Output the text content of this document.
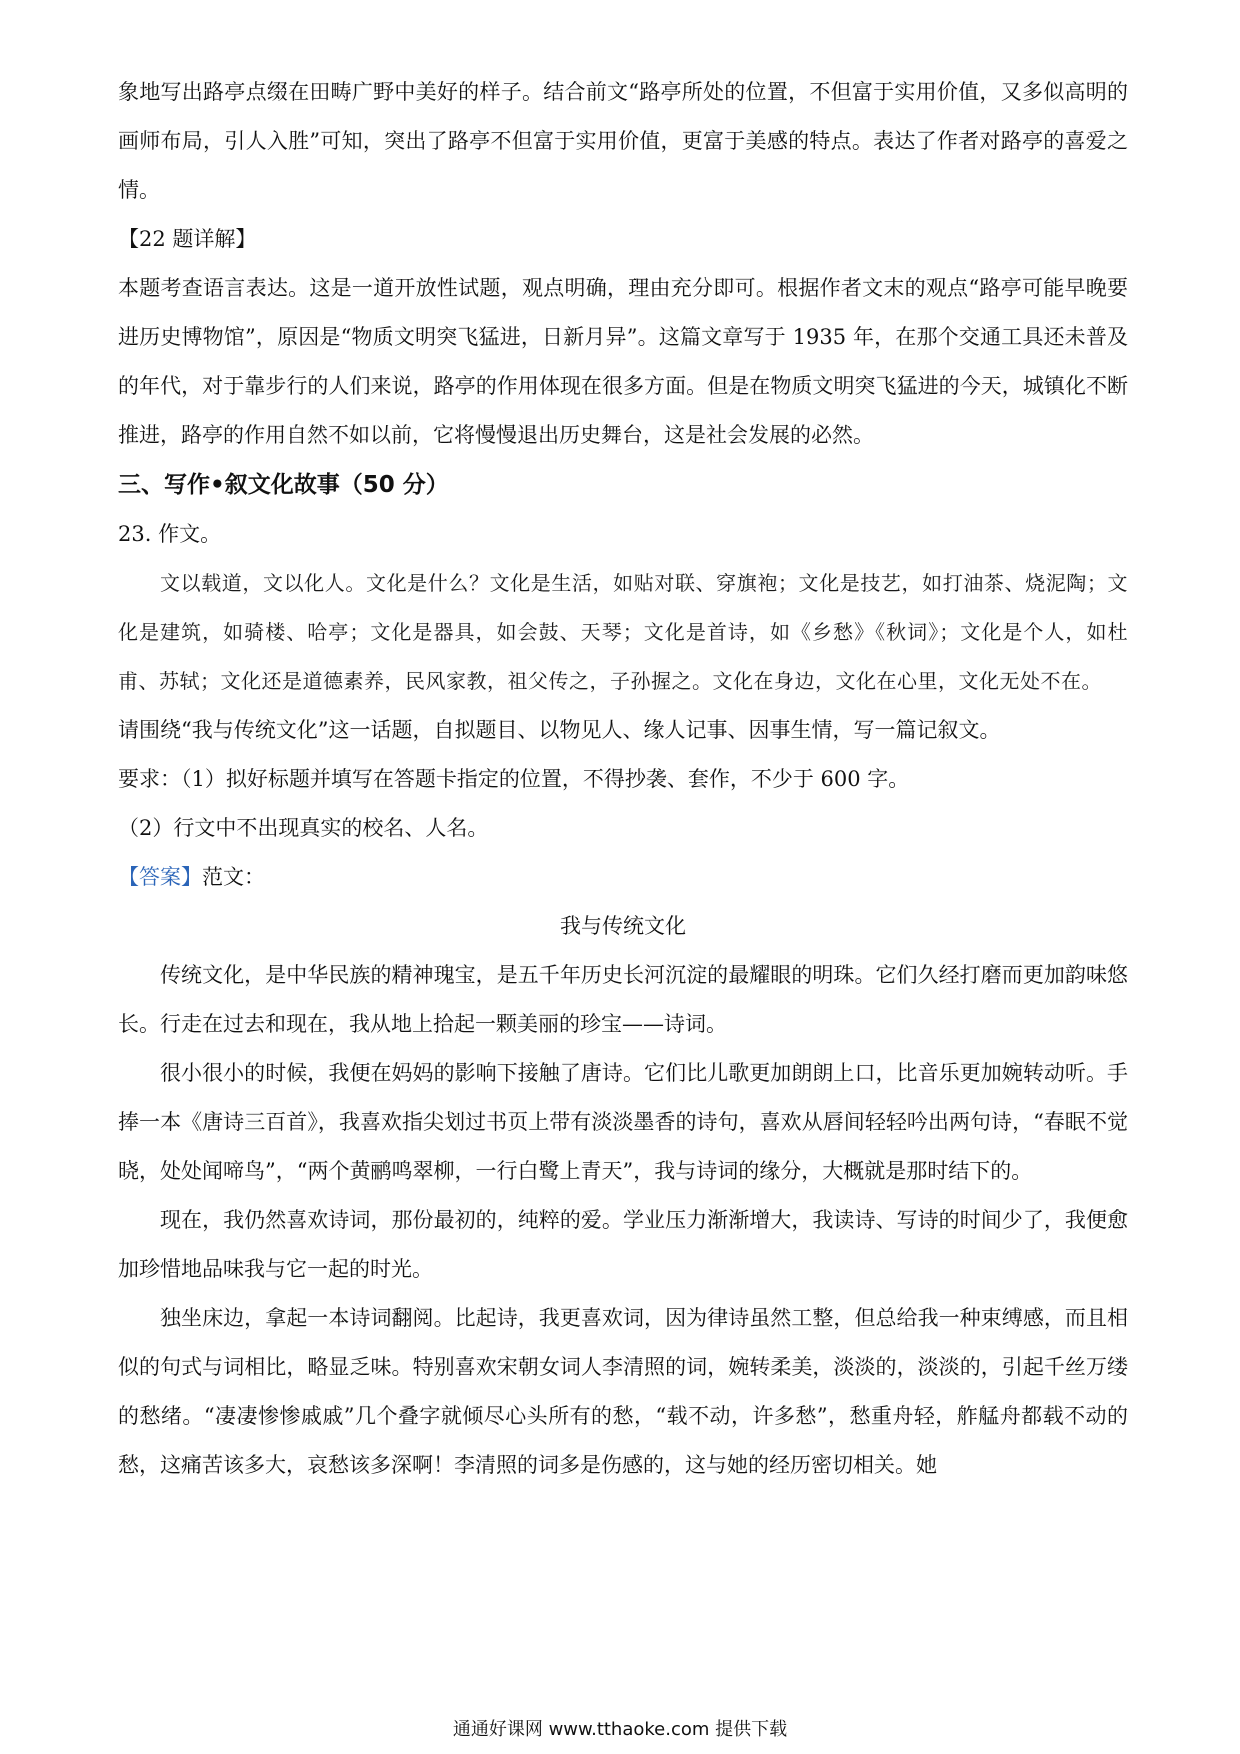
象地写出路亭点缀在田畴广野中美好的样子。结合前文“路亭所处的位置，不但富于实用价值，又多似高明的画师布局，引人入胜”可知，突出了路亭不但富于实用价值，更富于美感的特点。表达了作者对路亭的喜爱之情。

【22 题详解】

本题考查语言表达。这是一道开放性试题，观点明确，理由充分即可。根据作者文末的观点“路亭可能早晚要进历史博物馆”，原因是“物质文明突飞猛进，日新月异”。这篇文章写于 1935 年，在那个交通工具还未普及的年代，对于靠步行的人们来说，路亭的作用体现在很多方面。但是在物质文明突飞猛进的今天，城镇化不断推进，路亭的作用自然不如以前，它将慢慢退出历史舞台，这是社会发展的必然。

三、写作•叙文化故事（50 分）

23. 作文。

文以载道，文以化人。文化是什么？文化是生活，如贴对联、穿旗袍；文化是技艺，如打油茶、烧泥陶；文化是建筑，如骑楼、哈亭；文化是器具，如会鼓、天琴；文化是首诗，如《乡愁》《秋词》；文化是个人，如杜甫、苏轼；文化还是道德素养，民风家教，祖父传之，子孙握之。文化在身边，文化在心里，文化无处不在。

请围绕“我与传统文化”这一话题，自拟题目、以物见人、缘人记事、因事生情，写一篇记叙文。

要求：（1）拟好标题并填写在答题卡指定的位置，不得抄袭、套作，不少于 600 字。

（2）行文中不出现真实的校名、人名。

【答案】范文：

我与传统文化

传统文化，是中华民族的精神瑰宝，是五千年历史长河沉淀的最耀眼的明珠。它们久经打磨而更加韵味悠长。行走在过去和现在，我从地上拾起一颗美丽的珍宝——诗词。

很小很小的时候，我便在妈妈的影响下接触了唐诗。它们比儿歌更加朗朗上口，比音乐更加婉转动听。手捧一本《唐诗三百首》，我喜欢指尖划过书页上带有淡淡墨香的诗句，喜欢从唇间轻轻吟出两句诗，“春眠不觉晓，处处闻啼鸟”，“两个黄鹂鸣翠柳，一行白鹭上青天”，我与诗词的缘分，大概就是那时结下的。

现在，我仍然喜欢诗词，那份最初的，纯粹的爱。学业压力渐渐增大，我读诗、写诗的时间少了，我便愈加珍惜地品味我与它一起的时光。

独坐床边，拿起一本诗词翻阅。比起诗，我更喜欢词，因为律诗虽然工整，但总给我一种束缚感，而且相似的句式与词相比，略显乏味。特别喜欢宋朝女词人李清照的词，婉转柔美，淡淡的，淡淡的，引起千丝万缕的愁绪。“凄凄惨惨戚戚”几个叠字就倾尽心头所有的愁，“载不动，许多愁”，愁重舟轻，舴艋舟都载不动的愁，这痛苦该多大，哀愁该多深啊！李清照的词多是伤感的，这与她的经历密切相关。她

通通好课网 www.tthaoke.com 提供下载
